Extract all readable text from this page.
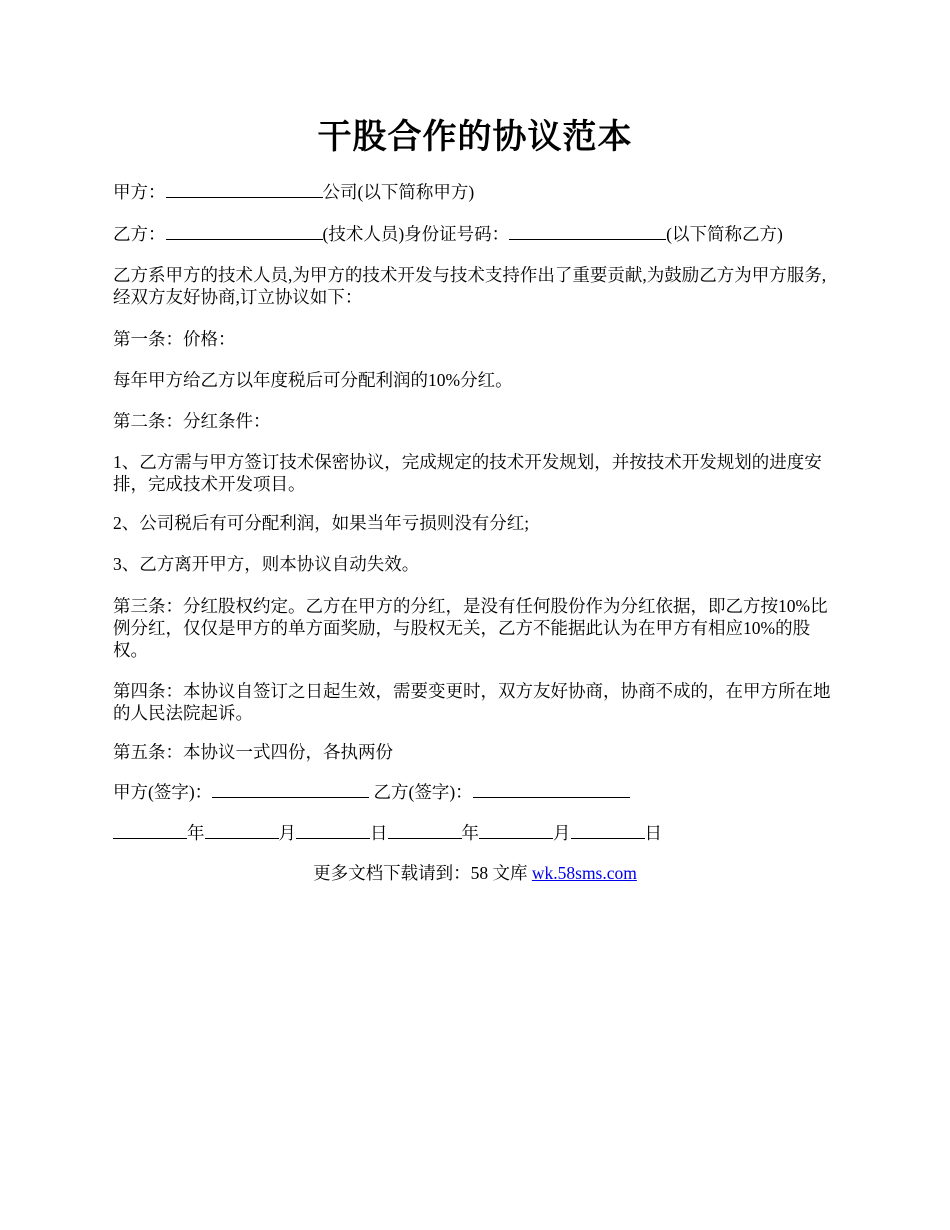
干股合作的协议范本

甲方：	公司(以下简称甲方)

乙方：	(技术人员)身份证号码：	(以下简称乙方)

乙方系甲方的技术人员,为甲方的技术开发与技术支持作出了重要贡献,为鼓励乙方为甲方服务,经双方友好协商,订立协议如下：

第一条：价格：

每年甲方给乙方以年度税后可分配利润的10%分红。

第二条：分红条件：

1、乙方需与甲方签订技术保密协议，完成规定的技术开发规划，并按技术开发规划的进度安排，完成技术开发项目。

2、公司税后有可分配利润，如果当年亏损则没有分红;

3、乙方离开甲方，则本协议自动失效。

第三条：分红股权约定。乙方在甲方的分红，是没有任何股份作为分红依据，即乙方按10%比例分红，仅仅是甲方的单方面奖励，与股权无关，乙方不能据此认为在甲方有相应10%的股权。

第四条：本协议自签订之日起生效，需要变更时，双方友好协商，协商不成的，在甲方所在地的人民法院起诉。

第五条：本协议一式四份，各执两份

甲方(签字)：	乙方(签字)：

年	月	日	年	月	日

更多文档下载请到：58 文库 wk.58sms.com
